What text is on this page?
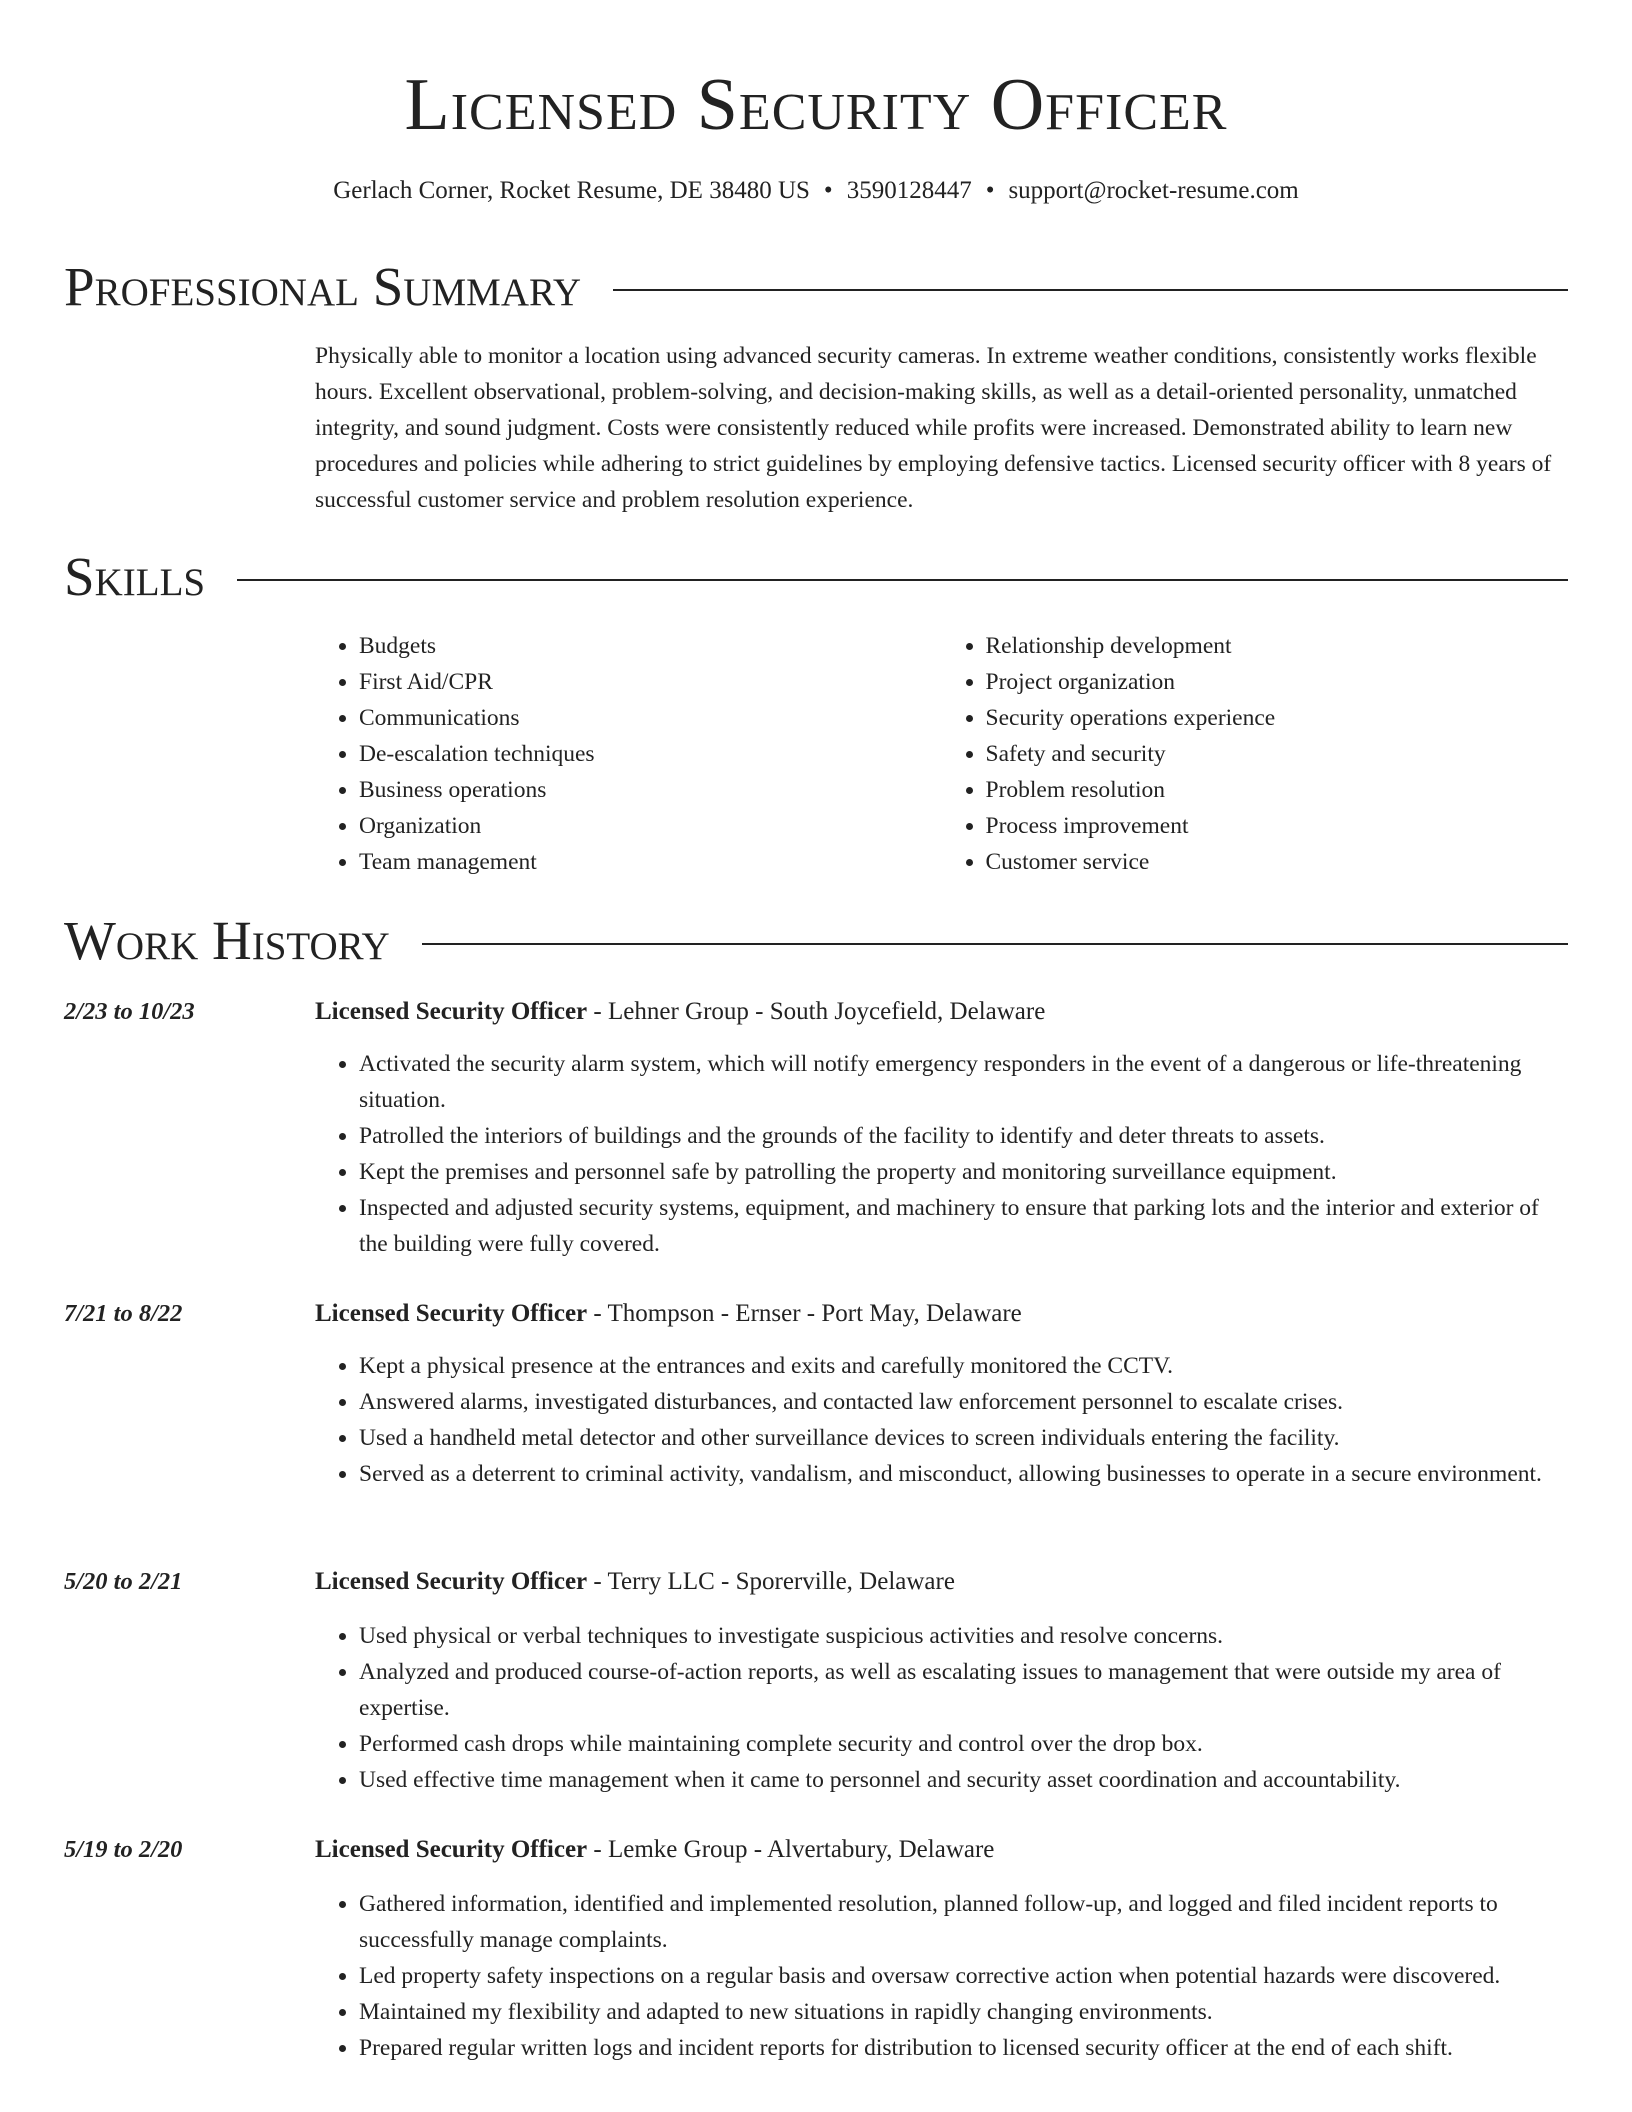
Licensed Security Officer
Gerlach Corner, Rocket Resume, DE 38480 US • 3590128447 • support@rocket-resume.com
Professional Summary

Physically able to monitor a location using advanced security cameras. In extreme weather conditions, consistently works flexible hours. Excellent observational, problem-solving, and decision-making skills, as well as a detail-oriented personality, unmatched integrity, and sound judgment. Costs were consistently reduced while profits were increased. Demonstrated ability to learn new procedures and policies while adhering to strict guidelines by employing defensive tactics. Licensed security officer with 8 years of successful customer service and problem resolution experience.

Skills
• Budgets
• First Aid/CPR
• Communications
• De-escalation techniques
• Business operations
• Organization
• Team management
• Relationship development
• Project organization
• Security operations experience
• Safety and security
• Problem resolution
• Process improvement
• Customer service
Work History
2/23 to 10/23	Licensed Security Officer - Lehner Group - South Joycefield, Delaware
• Activated the security alarm system, which will notify emergency responders in the event of a dangerous or life-threatening situation.
• Patrolled the interiors of buildings and the grounds of the facility to identify and deter threats to assets.
• Kept the premises and personnel safe by patrolling the property and monitoring surveillance equipment.
• Inspected and adjusted security systems, equipment, and machinery to ensure that parking lots and the interior and exterior of the building were fully covered.
7/21 to 8/22	Licensed Security Officer - Thompson - Ernser - Port May, Delaware
• Kept a physical presence at the entrances and exits and carefully monitored the CCTV.
• Answered alarms, investigated disturbances, and contacted law enforcement personnel to escalate crises.
• Used a handheld metal detector and other surveillance devices to screen individuals entering the facility.
• Served as a deterrent to criminal activity, vandalism, and misconduct, allowing businesses to operate in a secure environment.
5/20 to 2/21	Licensed Security Officer - Terry LLC - Sporerville, Delaware
• Used physical or verbal techniques to investigate suspicious activities and resolve concerns.
• Analyzed and produced course-of-action reports, as well as escalating issues to management that were outside my area of expertise.
• Performed cash drops while maintaining complete security and control over the drop box.
• Used effective time management when it came to personnel and security asset coordination and accountability.
5/19 to 2/20	Licensed Security Officer - Lemke Group - Alvertabury, Delaware
• Gathered information, identified and implemented resolution, planned follow-up, and logged and filed incident reports to successfully manage complaints.
• Led property safety inspections on a regular basis and oversaw corrective action when potential hazards were discovered.
• Maintained my flexibility and adapted to new situations in rapidly changing environments.
• Prepared regular written logs and incident reports for distribution to licensed security officer at the end of each shift.
